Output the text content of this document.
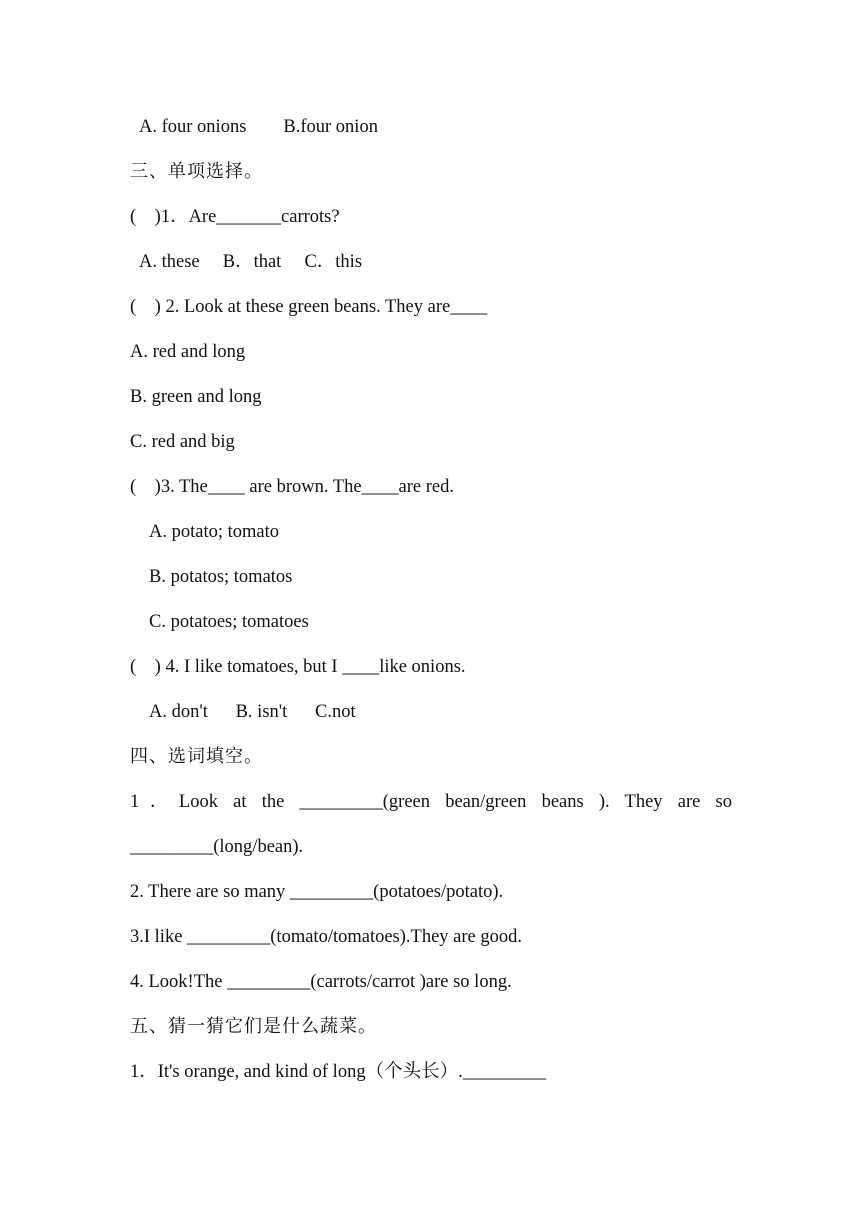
A. four onions        B.four onion
三、单项选择。
(    )1．Are_______carrots?
A. these     B．that     C．this
(    ) 2. Look at these green beans. They are____
A. red and long
B. green and long
C. red and big
(    )3. The____ are brown. The____are red.
A. potato; tomato
B. potatos; tomatos
C. potatoes; tomatoes
(    ) 4. I like tomatoes, but I ____like onions.
A. don't      B. isn't      C.not
四、选词填空。
1．Look at the _________(green bean/green beans ). They are so
_________(long/bean).
2. There are so many _________(potatoes/potato).
3.I like _________(tomato/tomatoes).They are good.
4. Look!The _________(carrots/carrot )are so long.
五、猜一猜它们是什么蔬菜。
1．It's orange, and kind of long（个头长）._________
